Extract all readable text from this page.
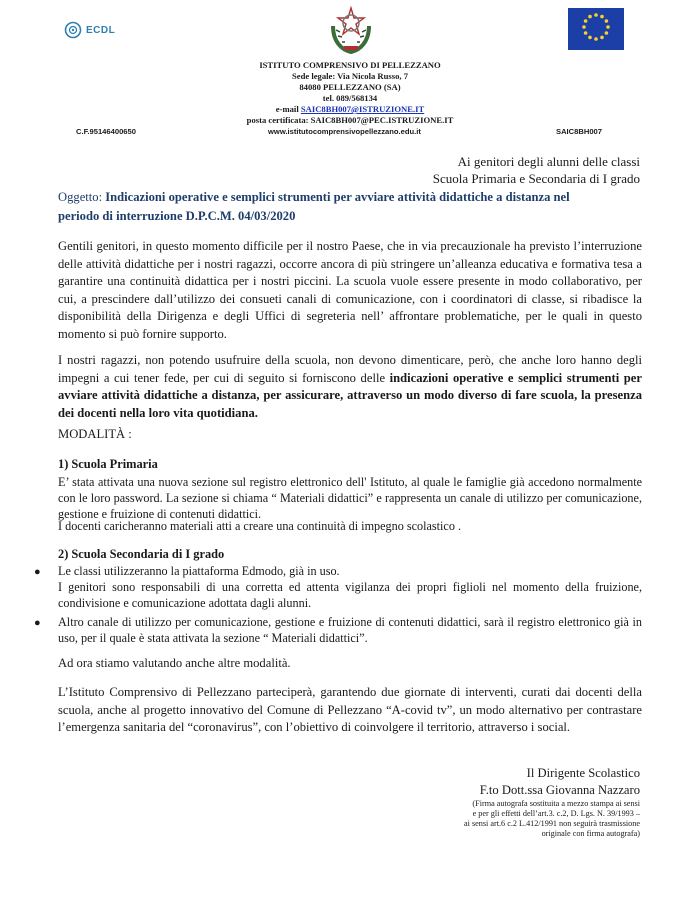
ECDL
ISTITUTO COMPRENSIVO DI PELLEZZANO
Sede legale: Via Nicola Russo, 7
84080 PELLEZZANO (SA)
tel. 089/568134
e-mail SAIC8BH007@ISTRUZIONE.IT
posta certificata: SAIC8BH007@PEC.ISTRUZIONE.IT
C.F.95146400650	www.istitutocomprensivopellezzano.edu.it	SAIC8BH007
Ai genitori degli alunni delle classi
Scuola Primaria e Secondaria di I grado
Oggetto: Indicazioni operative e semplici strumenti per avviare attività didattiche a distanza nel
periodo di interruzione D.P.C.M. 04/03/2020

Gentili genitori, in questo momento difficile per il nostro Paese, che in via precauzionale ha previsto l’interruzione delle attività didattiche per i nostri ragazzi, occorre ancora di più stringere un’alleanza educativa e formativa tesa a garantire una continuità didattica per i nostri piccini. La scuola vuole essere presente in modo collaborativo, per cui, a prescindere dall’utilizzo dei consueti canali di comunicazione, con i coordinatori di classe, si ribadisce la disponibilità della Dirigenza e degli Uffici di segreteria nell’ affrontare problematiche, per le quali in questo momento si può fornire supporto.

I nostri ragazzi, non potendo usufruire della scuola, non devono dimenticare, però, che anche loro hanno degli impegni a cui tener fede, per cui di seguito si forniscono delle indicazioni operative e semplici strumenti per avviare attività didattiche a distanza, per assicurare, attraverso un modo diverso di fare scuola, la presenza dei docenti nella loro vita quotidiana.

MODALITÀ :
1) Scuola Primaria

E’ stata attivata una nuova sezione sul registro elettronico dell' Istituto, al quale le famiglie già accedono normalmente con le loro password. La sezione si chiama “ Materiali didattici” e rappresenta un canale di utilizzo per comunicazione, gestione e fruizione di contenuti didattici.

I docenti caricheranno materiali atti a creare una continuità di impegno scolastico .

2) Scuola Secondaria di I grado
● Le classi utilizzeranno la piattaforma Edmodo, già in uso.

I genitori sono responsabili di una corretta ed attenta vigilanza dei propri figlioli nel momento della fruizione, condivisione e comunicazione adottata dagli alunni.

● Altro canale di utilizzo per comunicazione, gestione e fruizione di contenuti didattici, sarà il registro elettronico già in uso, per il quale è stata attivata la sezione “ Materiali didattici”.

Ad ora stiamo valutando anche altre modalità.

L’Istituto Comprensivo di Pellezzano parteciperà, garantendo due giornate di interventi, curati dai docenti della scuola, anche al progetto innovativo del Comune di Pellezzano “A-covid tv”, un modo alternativo per contrastare l’emergenza sanitaria del “coronavirus”, con l’obiettivo di coinvolgere il territorio, attraverso i social.

Il Dirigente Scolastico
F.to Dott.ssa Giovanna Nazzaro
(Firma autografa sostituita a mezzo stampa ai sensi
e per gli effetti dell’art.3. c.2, D. Lgs. N. 39/1993 –
ai sensi art.6 c.2 L.412/1991 non seguirà trasmissione
originale con firma autografa)
